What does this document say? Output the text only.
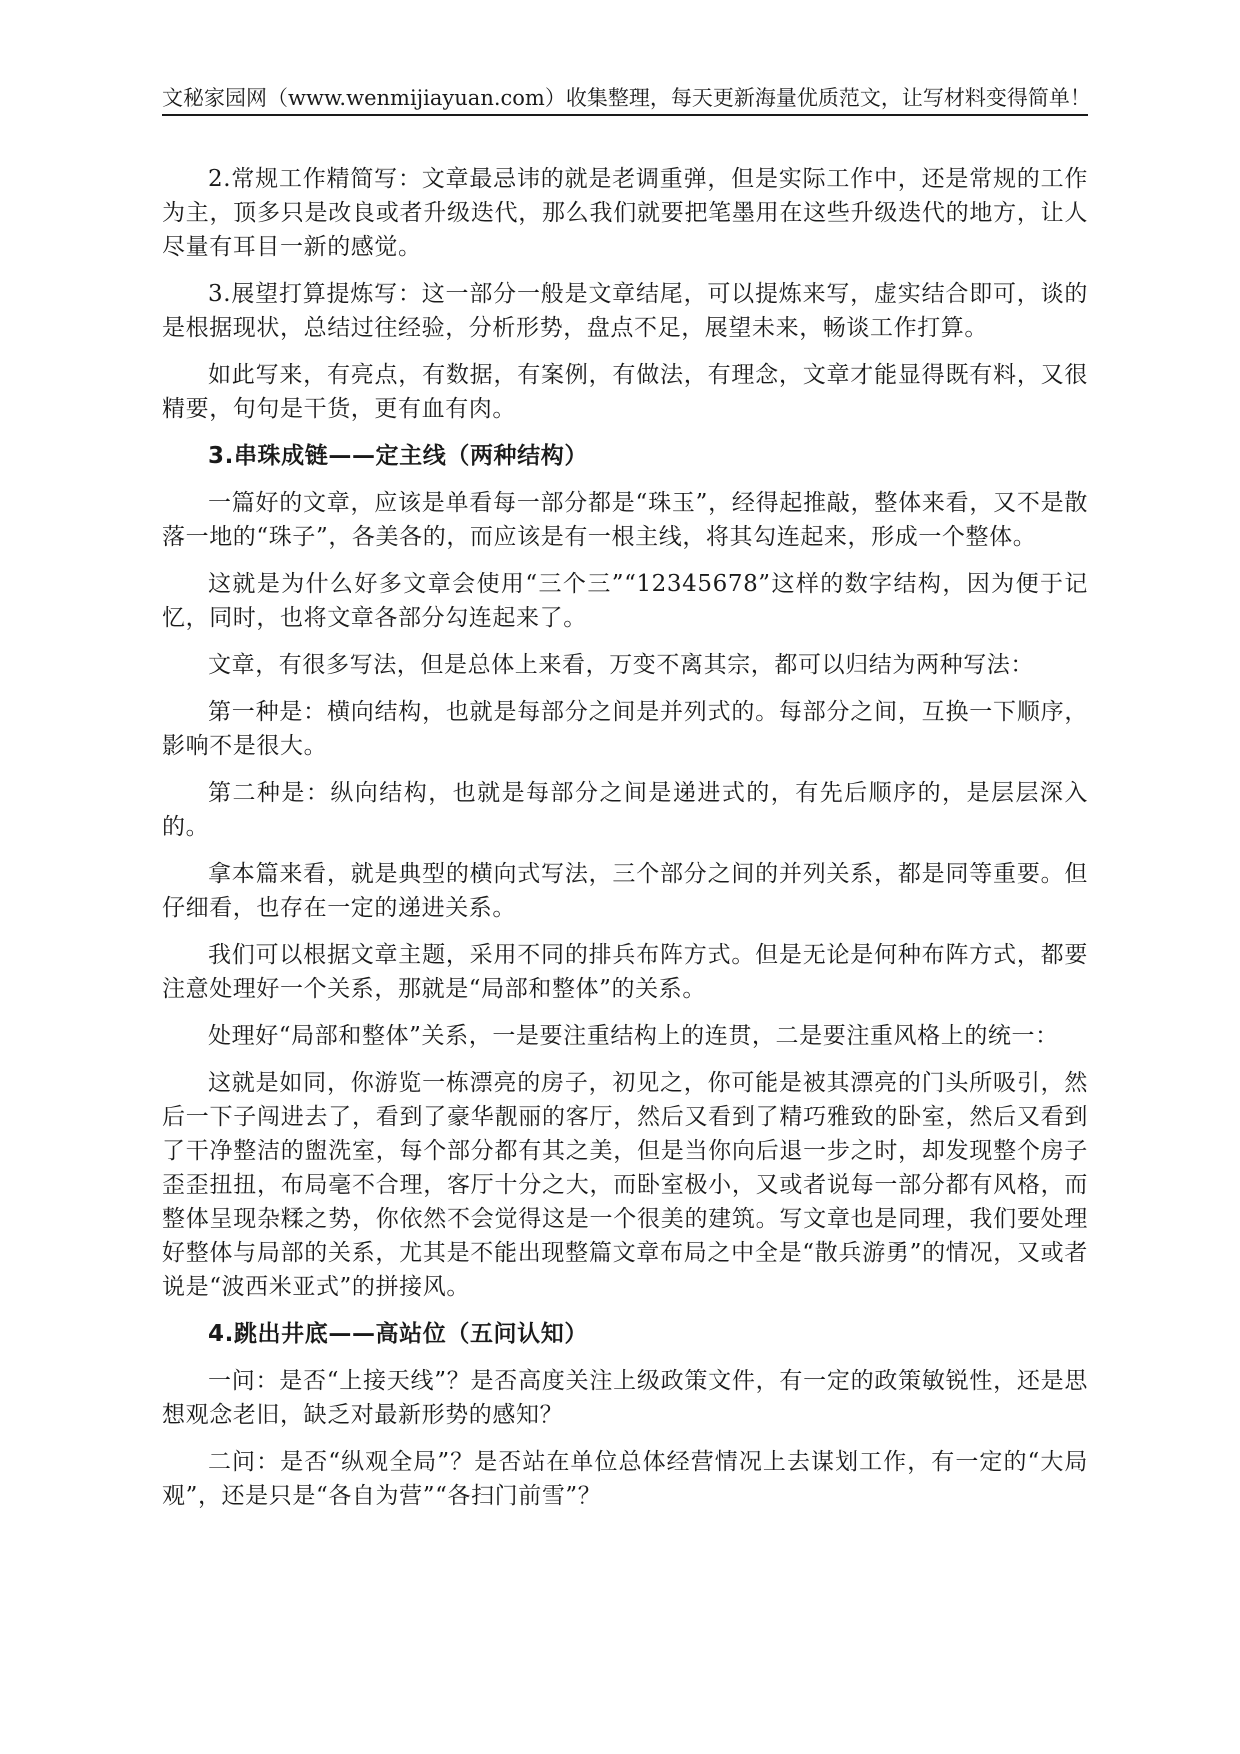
文秘家园网（www.wenmijiayuan.com）收集整理，每天更新海量优质范文，让写材料变得简单！

2.常规工作精简写：文章最忌讳的就是老调重弹，但是实际工作中，还是常规的工作为主，顶多只是改良或者升级迭代，那么我们就要把笔墨用在这些升级迭代的地方，让人尽量有耳目一新的感觉。

3.展望打算提炼写：这一部分一般是文章结尾，可以提炼来写，虚实结合即可，谈的是根据现状，总结过往经验，分析形势，盘点不足，展望未来，畅谈工作打算。

如此写来，有亮点，有数据，有案例，有做法，有理念，文章才能显得既有料，又很精要，句句是干货，更有血有肉。

3.串珠成链——定主线（两种结构）

一篇好的文章，应该是单看每一部分都是“珠玉”，经得起推敲，整体来看，又不是散落一地的“珠子”，各美各的，而应该是有一根主线，将其勾连起来，形成一个整体。

这就是为什么好多文章会使用“三个三”“12345678”这样的数字结构，因为便于记忆，同时，也将文章各部分勾连起来了。

文章，有很多写法，但是总体上来看，万变不离其宗，都可以归结为两种写法：

第一种是：横向结构，也就是每部分之间是并列式的。每部分之间，互换一下顺序，影响不是很大。

第二种是：纵向结构，也就是每部分之间是递进式的，有先后顺序的，是层层深入的。

拿本篇来看，就是典型的横向式写法，三个部分之间的并列关系，都是同等重要。但仔细看，也存在一定的递进关系。

我们可以根据文章主题，采用不同的排兵布阵方式。但是无论是何种布阵方式，都要注意处理好一个关系，那就是“局部和整体”的关系。

处理好“局部和整体”关系，一是要注重结构上的连贯，二是要注重风格上的统一：

这就是如同，你游览一栋漂亮的房子，初见之，你可能是被其漂亮的门头所吸引，然后一下子闯进去了，看到了豪华靓丽的客厅，然后又看到了精巧雅致的卧室，然后又看到了干净整洁的盥洗室，每个部分都有其之美，但是当你向后退一步之时，却发现整个房子歪歪扭扭，布局毫不合理，客厅十分之大，而卧室极小，又或者说每一部分都有风格，而整体呈现杂糅之势，你依然不会觉得这是一个很美的建筑。写文章也是同理，我们要处理好整体与局部的关系，尤其是不能出现整篇文章布局之中全是“散兵游勇”的情况，又或者说是“波西米亚式”的拼接风。

4.跳出井底——高站位（五问认知）

一问：是否“上接天线”？是否高度关注上级政策文件，有一定的政策敏锐性，还是思想观念老旧，缺乏对最新形势的感知？

二问：是否“纵观全局”？是否站在单位总体经营情况上去谋划工作，有一定的“大局观”，还是只是“各自为营”“各扫门前雪”？
